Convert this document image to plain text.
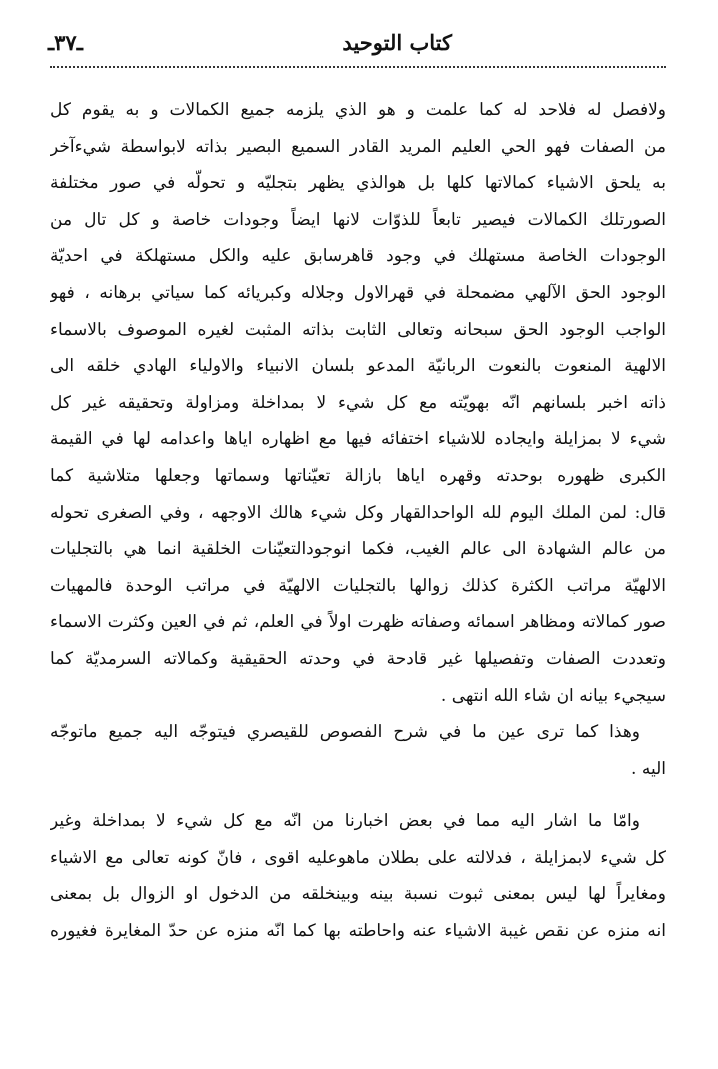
كتاب التوحيد
ـ٣٧ـ
ولافصل له فلاحد له كما علمت و هو الذي يلزمه جميع الكمالات و به يقوم كل
من الصفات فهو الحي العليم المريد القادر السميع البصير بذاته لابواسطة شيءآخر
به يلحق الاشياء كمالاتها كلها بل هوالذي يظهر بتجليّه و تحولّه في صور مختلفة
الصورتلك الكمالات فيصير تابعاً للذوّات لانها ايضاً وجودات خاصة و كل تال من
الوجودات الخاصة مستهلك في وجود قاهرسابق عليه والكل مستهلكة في احديّة
الوجود الحق الآلهي مضمحلة في قهرالاول وجلاله وكبريائه كما سياتي برهانه ، فهو
الواجب الوجود الحق سبحانه وتعالى الثابت بذاته المثبت لغيره الموصوف بالاسماء
الالهية المنعوت بالنعوت الربانيّة المدعو بلسان الانبياء والاولياء الهادي خلقه الى
ذاته اخبر بلسانهم انّه بهويّته مع كل شيء لا بمداخلة ومزاولة وتحقيقه غير كل
شيء لا بمزايلة وايجاده للاشياء اختفائه فيها مع اظهاره اياها واعدامه لها في القيمة
الكبرى ظهوره بوحدته وقهره اياها بازالة تعيّناتها وسماتها وجعلها متلاشية كما
قال: لمن الملك اليوم لله الواحدالقهار وكل شيء هالك الاوجهه ، وفي الصغرى تحوله
من عالم الشهادة الى عالم الغيب، فكما انوجودالتعيّنات الخلقية انما هي بالتجليات
الالهيّة مراتب الكثرة كذلك زوالها بالتجليات الالهيّة في مراتب الوحدة فالمهيات
صور كمالاته ومظاهر اسمائه وصفاته ظهرت اولاً في العلم، ثم في العين وكثرت الاسماء
وتعددت الصفات وتفصيلها غير قادحة في وحدته الحقيقية وكمالاته السرمديّة كما
سيجيء بيانه ان شاء الله انتهى .
وهذا كما ترى عين ما في شرح الفصوص للقيصري فيتوجّه اليه جميع ماتوجّه
اليه .
وامّا ما اشار اليه مما في بعض اخبارنا من انّه مع كل شيء لا بمداخلة وغير
كل شيء لابمزايلة ، فدلالته على بطلان ماهوعليه اقوى ، فانّ كونه تعالى مع الاشياء
ومغايراً لها ليس بمعنى ثبوت نسبة بينه وبينخلقه من الدخول او الزوال بل بمعنى
انه منزه عن نقص غيبة الاشياء عنه واحاطته بها كما انّه منزه عن حدّ المغايرة فغيوره
